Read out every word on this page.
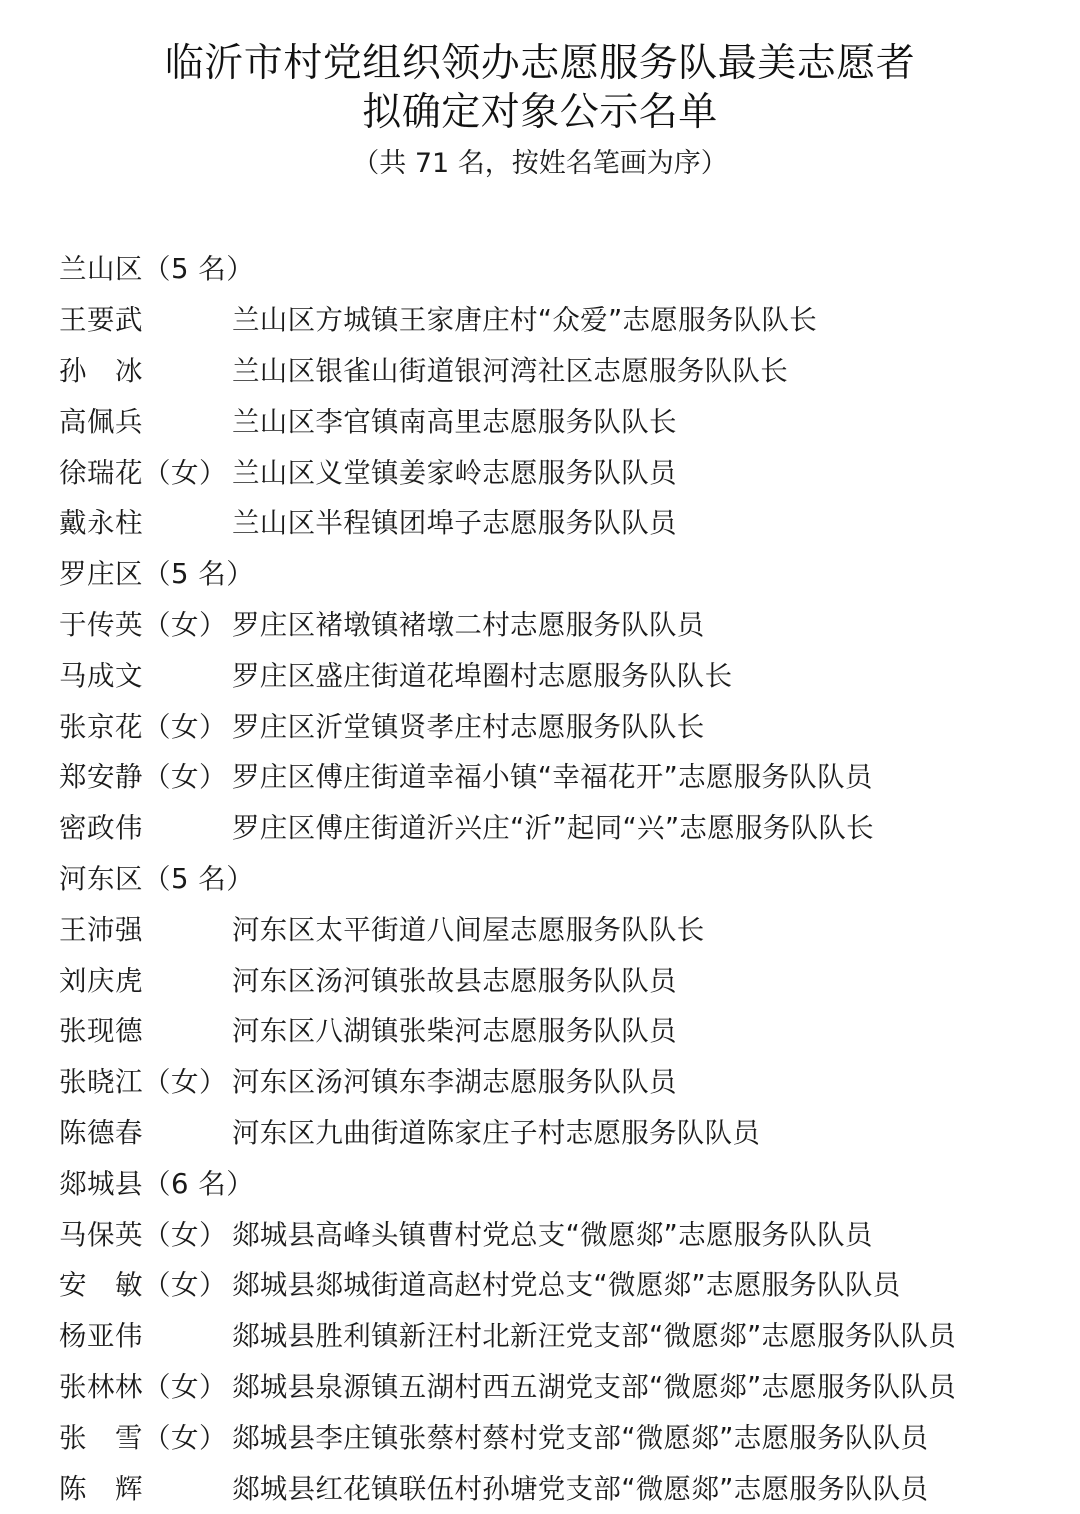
临沂市村党组织领办志愿服务队最美志愿者
拟确定对象公示名单

（共 71 名，按姓名笔画为序）

兰山区（5 名）
王要武	兰山区方城镇王家唐庄村“众爱”志愿服务队队长
孙　冰	兰山区银雀山街道银河湾社区志愿服务队队长
高佩兵	兰山区李官镇南高里志愿服务队队长
徐瑞花（女） 兰山区义堂镇姜家岭志愿服务队队员
戴永柱	兰山区半程镇团埠子志愿服务队队员
罗庄区（5 名）
于传英（女） 罗庄区褚墩镇褚墩二村志愿服务队队员
马成文	罗庄区盛庄街道花埠圈村志愿服务队队长
张京花（女） 罗庄区沂堂镇贤孝庄村志愿服务队队长
郑安静（女） 罗庄区傅庄街道幸福小镇“幸福花开”志愿服务队队员
密政伟	罗庄区傅庄街道沂兴庄“沂”起同“兴”志愿服务队队长
河东区（5 名）
王沛强	河东区太平街道八间屋志愿服务队队长
刘庆虎	河东区汤河镇张故县志愿服务队队员
张现德	河东区八湖镇张柴河志愿服务队队员
张晓江（女） 河东区汤河镇东李湖志愿服务队队员
陈德春	河东区九曲街道陈家庄子村志愿服务队队员
郯城县（6 名）
马保英（女） 郯城县高峰头镇曹村党总支“微愿郯”志愿服务队队员
安　敏（女） 郯城县郯城街道高赵村党总支“微愿郯”志愿服务队队员
杨亚伟	郯城县胜利镇新汪村北新汪党支部“微愿郯”志愿服务队队员
张林林（女） 郯城县泉源镇五湖村西五湖党支部“微愿郯”志愿服务队队员
张　雪（女） 郯城县李庄镇张蔡村蔡村党支部“微愿郯”志愿服务队队员
陈　辉	郯城县红花镇联伍村孙塘党支部“微愿郯”志愿服务队队员
